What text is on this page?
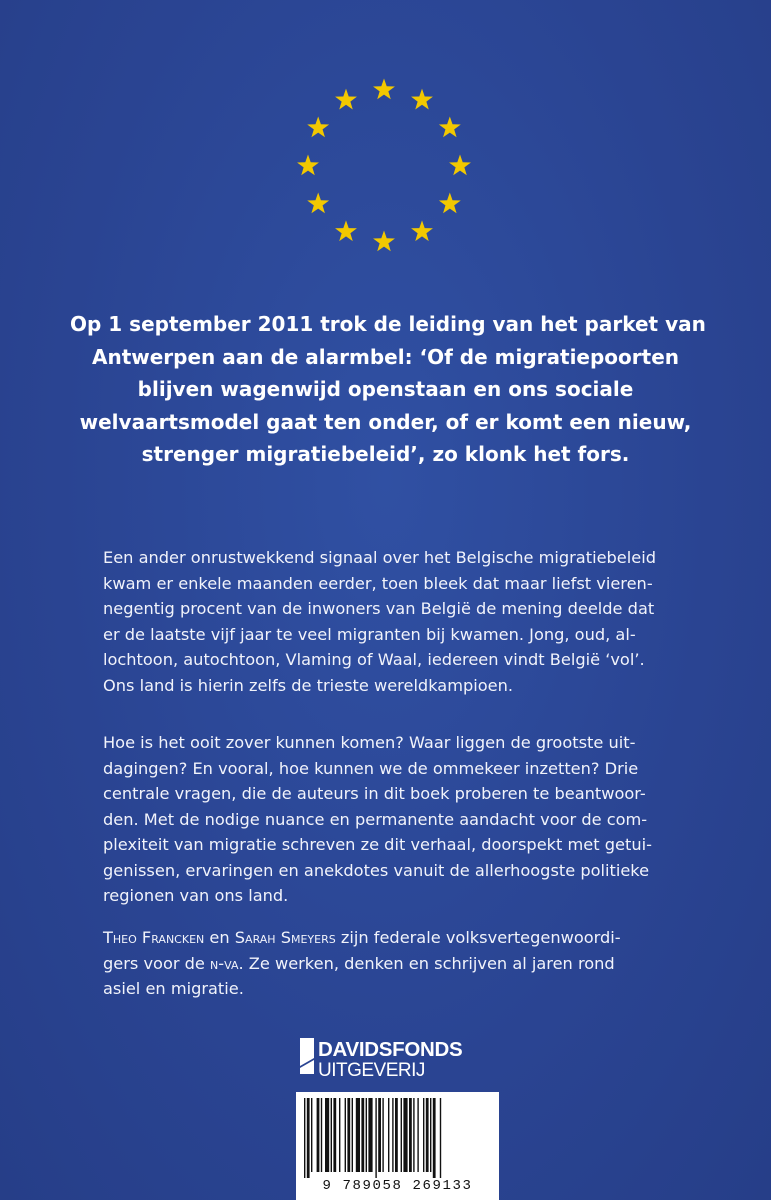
Op 1 september 2011 trok de leiding van het parket van
Antwerpen aan de alarmbel: ‘Of de migratiepoorten
blijven wagenwijd openstaan en ons sociale
welvaartsmodel gaat ten onder, of er komt een nieuw,
strenger migratiebeleid’, zo klonk het fors.
Een ander onrustwekkend signaal over het Belgische migratiebeleid
kwam er enkele maanden eerder, toen bleek dat maar liefst vieren-
negentig procent van de inwoners van België de mening deelde dat
er de laatste vijf jaar te veel migranten bij kwamen. Jong, oud, al-
lochtoon, autochtoon, Vlaming of Waal, iedereen vindt België ‘vol’.
Ons land is hierin zelfs de trieste wereldkampioen.
Hoe is het ooit zover kunnen komen? Waar liggen de grootste uit-
dagingen? En vooral, hoe kunnen we de ommekeer inzetten? Drie
centrale vragen, die de auteurs in dit boek proberen te beantwoor-
den. Met de nodige nuance en permanente aandacht voor de com-
plexiteit van migratie schreven ze dit verhaal, doorspekt met getui-
genissen, ervaringen en anekdotes vanuit de allerhoogste politieke
regionen van ons land.
Theo Francken en Sarah Smeyers zijn federale volksvertegenwoordi-
gers voor de n-va. Ze werken, denken en schrijven al jaren rond
asiel en migratie.
DAVIDSFONDS
UITGEVERIJ
9 789058 269133
